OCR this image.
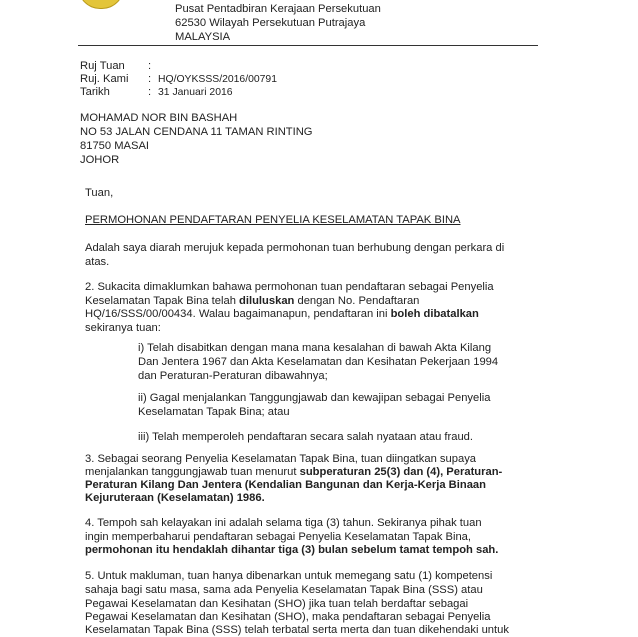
Pusat Pentadbiran Kerajaan Persekutuan
62530 Wilayah Persekutuan Putrajaya
MALAYSIA
Ruj Tuan	:
Ruj. Kami	: HQ/OYKSSS/2016/00791
Tarikh	: 31 Januari 2016
MOHAMAD NOR BIN BASHAH
NO 53 JALAN CENDANA 11 TAMAN RINTING
81750 MASAI
JOHOR
Tuan,
PERMOHONAN PENDAFTARAN PENYELIA KESELAMATAN TAPAK BINA
Adalah saya diarah merujuk kepada permohonan tuan berhubung dengan perkara di
atas.
2. Sukacita dimaklumkan bahawa permohonan tuan pendaftaran sebagai Penyelia
Keselamatan Tapak Bina telah diluluskan dengan No. Pendaftaran
HQ/16/SSS/00/00434. Walau bagaimanapun, pendaftaran ini boleh dibatalkan
sekiranya tuan:
i) Telah disabitkan dengan mana mana kesalahan di bawah Akta Kilang
Dan Jentera 1967 dan Akta Keselamatan dan Kesihatan Pekerjaan 1994
dan Peraturan-Peraturan dibawahnya;
ii) Gagal menjalankan Tanggungjawab dan kewajipan sebagai Penyelia
Keselamatan Tapak Bina; atau
iii) Telah memperoleh pendaftaran secara salah nyataan atau fraud.
3. Sebagai seorang Penyelia Keselamatan Tapak Bina, tuan diingatkan supaya
menjalankan tanggungjawab tuan menurut subperaturan 25(3) dan (4), Peraturan-
Peraturan Kilang Dan Jentera (Kendalian Bangunan dan Kerja-Kerja Binaan
Kejuruteraan (Keselamatan) 1986.
4. Tempoh sah kelayakan ini adalah selama tiga (3) tahun. Sekiranya pihak tuan
ingin memperbaharui pendaftaran sebagai Penyelia Keselamatan Tapak Bina,
permohonan itu hendaklah dihantar tiga (3) bulan sebelum tamat tempoh sah.
5. Untuk makluman, tuan hanya dibenarkan untuk memegang satu (1) kompetensi
sahaja bagi satu masa, sama ada Penyelia Keselamatan Tapak Bina (SSS) atau
Pegawai Keselamatan dan Kesihatan (SHO) jika tuan telah berdaftar sebagai
Pegawai Keselamatan dan Kesihatan (SHO), maka pendaftaran sebagai Penyelia
Keselamatan Tapak Bina (SSS) telah terbatal serta merta dan tuan dikehendaki untuk
